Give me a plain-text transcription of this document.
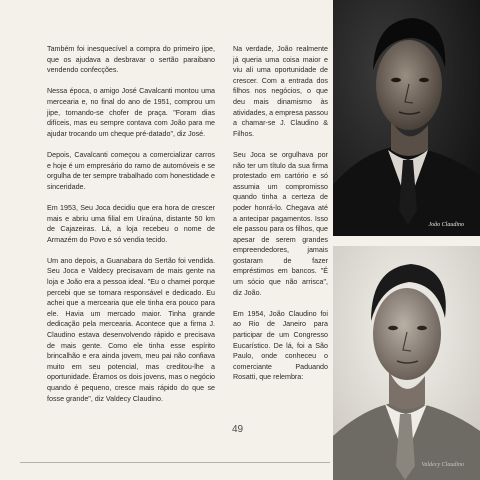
Também foi inesquecível a compra do primeiro jipe, que os ajudava a desbravar o sertão paraibano vendendo confecções.

Nessa época, o amigo José Cavalcanti montou uma mercearia e, no final do ano de 1951, comprou um jipe, tornando-se chofer de praça. "Foram dias difíceis, mas eu sempre contava com João para me ajudar trocando um cheque pré-datado", diz José.

Depois, Cavalcanti começou a comercializar carros e hoje é um empresário do ramo de automóveis e se orgulha de ter sempre trabalhado com honestidade e sinceridade.

Em 1953, Seu Joca decidiu que era hora de crescer mais e abriu uma filial em Uiraúna, distante 50 km de Cajazeiras. Lá, a loja recebeu o nome de Armazém do Povo e só vendia tecido.

Um ano depois, a Guanabara do Sertão foi vendida. Seu Joca e Valdecy precisavam de mais gente na loja e João era a pessoa ideal. "Eu o chamei porque percebi que se tornara responsável e dedicado. Eu achei que a mercearia que ele tinha era pouco para ele. Havia um mercado maior. Tinha grande dedicação pela mercearia. Acontece que a firma J. Claudino estava desenvolvendo rápido e precisava de mais gente. Como ele tinha esse espírito brincalhão e era ainda jovem, meu pai não confiava muito em seu potencial, mas creditou-lhe a oportunidade. Éramos os dois jovens, mas o negócio quando é pequeno, cresce mais rápido do que se fosse grande", diz Valdecy Claudino.

Na verdade, João realmente já queria uma coisa maior e viu ali uma oportunidade de crescer. Com a entrada dos filhos nos negócios, o que deu mais dinamismo às atividades, a empresa passou a chamar-se J. Claudino & Filhos.

Seu Joca se orgulhava por não ter um título da sua firma protestado em cartório e só assumia um compromisso quando tinha a certeza de poder honrá-lo. Chegava até a antecipar pagamentos. Isso ele passou para os filhos, que apesar de serem grandes empreendedores, jamais gostaram de fazer empréstimos em bancos. "É um sócio que não arrisca", diz João.

Em 1954, João Claudino foi ao Rio de Janeiro para participar de um Congresso Eucarístico. De lá, foi a São Paulo, onde conheceu o comerciante Paduando Rosatti, que relembra:

João Claudino
Valdecy Claudino
49
